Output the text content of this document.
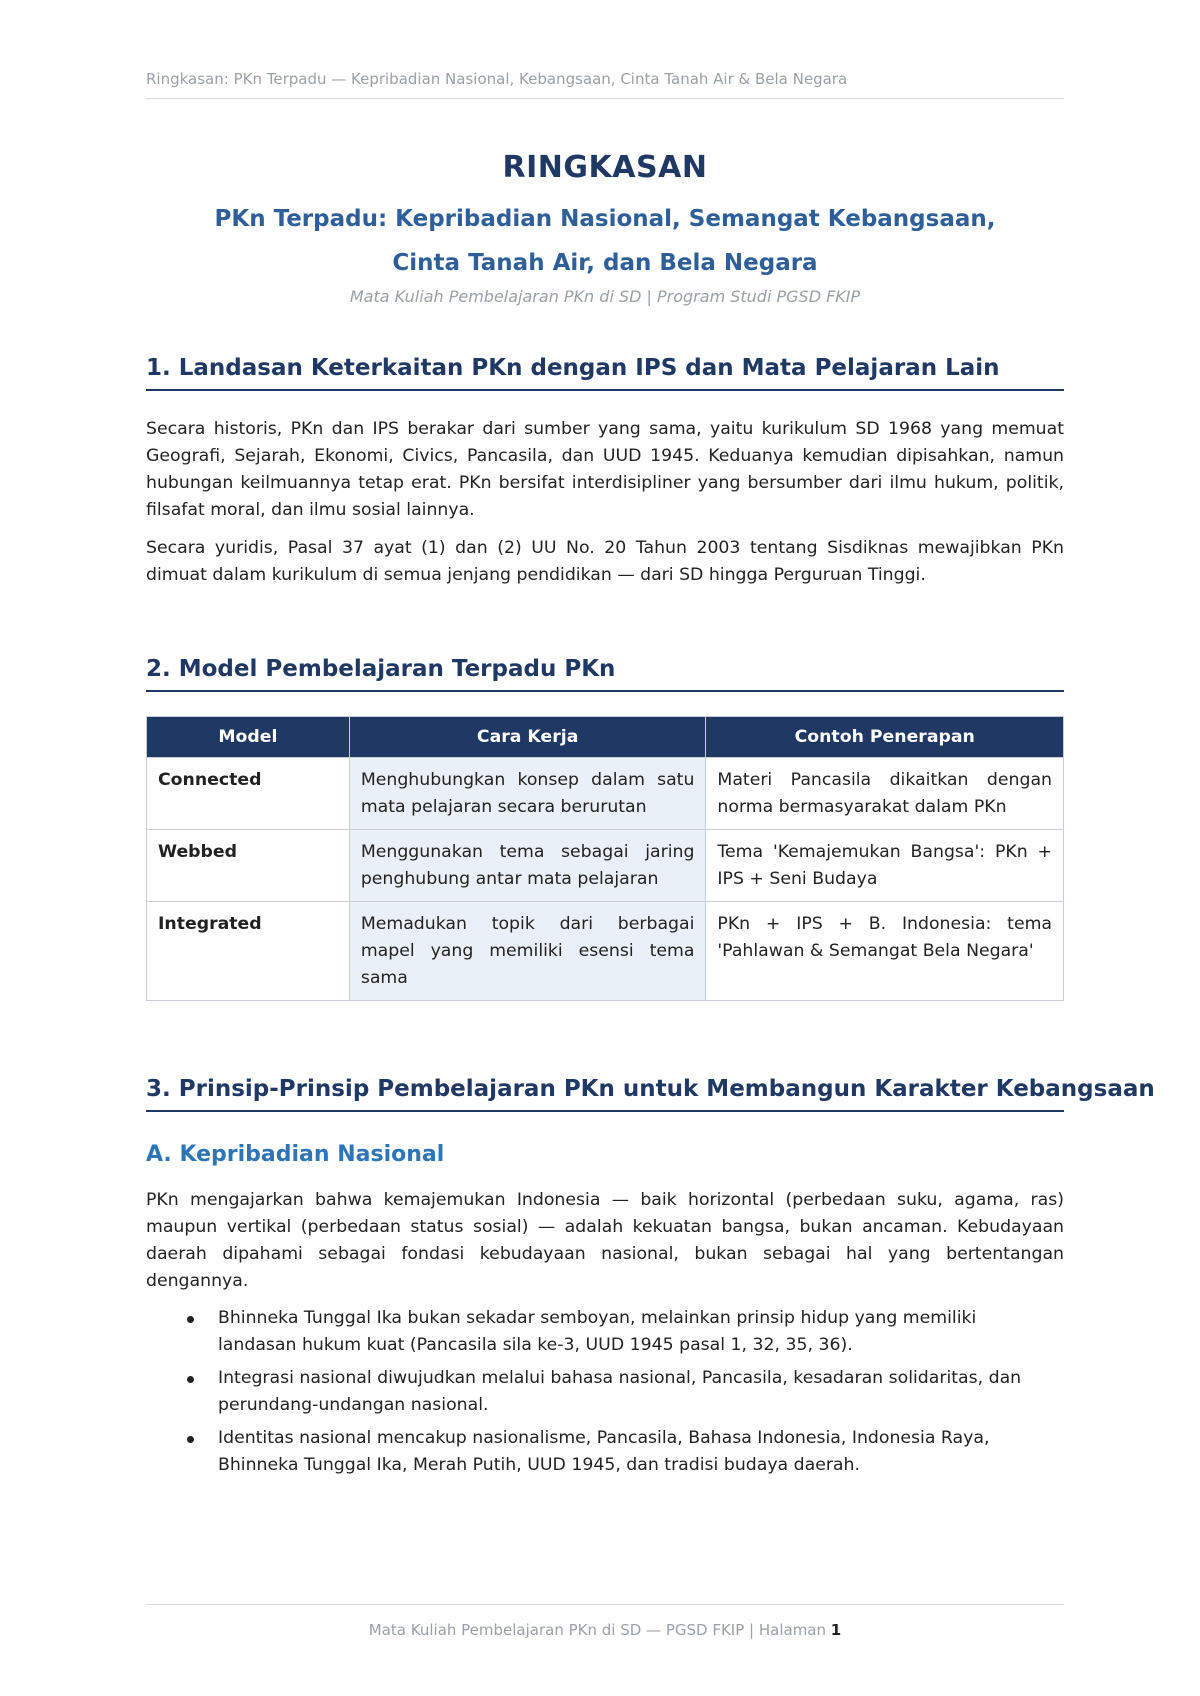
Ringkasan: PKn Terpadu — Kepribadian Nasional, Kebangsaan, Cinta Tanah Air & Bela Negara
RINGKASAN
PKn Terpadu: Kepribadian Nasional, Semangat Kebangsaan,
Cinta Tanah Air, dan Bela Negara
Mata Kuliah Pembelajaran PKn di SD | Program Studi PGSD FKIP
1. Landasan Keterkaitan PKn dengan IPS dan Mata Pelajaran Lain

Secara historis, PKn dan IPS berakar dari sumber yang sama, yaitu kurikulum SD 1968 yang memuat Geografi, Sejarah, Ekonomi, Civics, Pancasila, dan UUD 1945. Keduanya kemudian dipisahkan, namun hubungan keilmuannya tetap erat. PKn bersifat interdisipliner yang bersumber dari ilmu hukum, politik, filsafat moral, dan ilmu sosial lainnya.

Secara yuridis, Pasal 37 ayat (1) dan (2) UU No. 20 Tahun 2003 tentang Sisdiknas mewajibkan PKn dimuat dalam kurikulum di semua jenjang pendidikan — dari SD hingga Perguruan Tinggi.

2. Model Pembelajaran Terpadu PKn
Model	Cara Kerja	Contoh Penerapan
Connected	Menghubungkan konsep dalam satu mata pelajaran secara berurutan	Materi Pancasila dikaitkan dengan norma bermasyarakat dalam PKn
Webbed	Menggunakan tema sebagai jaring penghubung antar mata pelajaran	Tema 'Kemajemukan Bangsa': PKn + IPS + Seni Budaya
Integrated	Memadukan topik dari berbagai mapel yang memiliki esensi tema sama	PKn + IPS + B. Indonesia: tema 'Pahlawan & Semangat Bela Negara'
3. Prinsip-Prinsip Pembelajaran PKn untuk Membangun Karakter Kebangsaan
A. Kepribadian Nasional

PKn mengajarkan bahwa kemajemukan Indonesia — baik horizontal (perbedaan suku, agama, ras) maupun vertikal (perbedaan status sosial) — adalah kekuatan bangsa, bukan ancaman. Kebudayaan daerah dipahami sebagai fondasi kebudayaan nasional, bukan sebagai hal yang bertentangan dengannya.

Bhinneka Tunggal Ika bukan sekadar semboyan, melainkan prinsip hidup yang memiliki landasan hukum kuat (Pancasila sila ke-3, UUD 1945 pasal 1, 32, 35, 36).
Integrasi nasional diwujudkan melalui bahasa nasional, Pancasila, kesadaran solidaritas, dan perundang-undangan nasional.
Identitas nasional mencakup nasionalisme, Pancasila, Bahasa Indonesia, Indonesia Raya, Bhinneka Tunggal Ika, Merah Putih, UUD 1945, dan tradisi budaya daerah.
Mata Kuliah Pembelajaran PKn di SD — PGSD FKIP | Halaman 1
